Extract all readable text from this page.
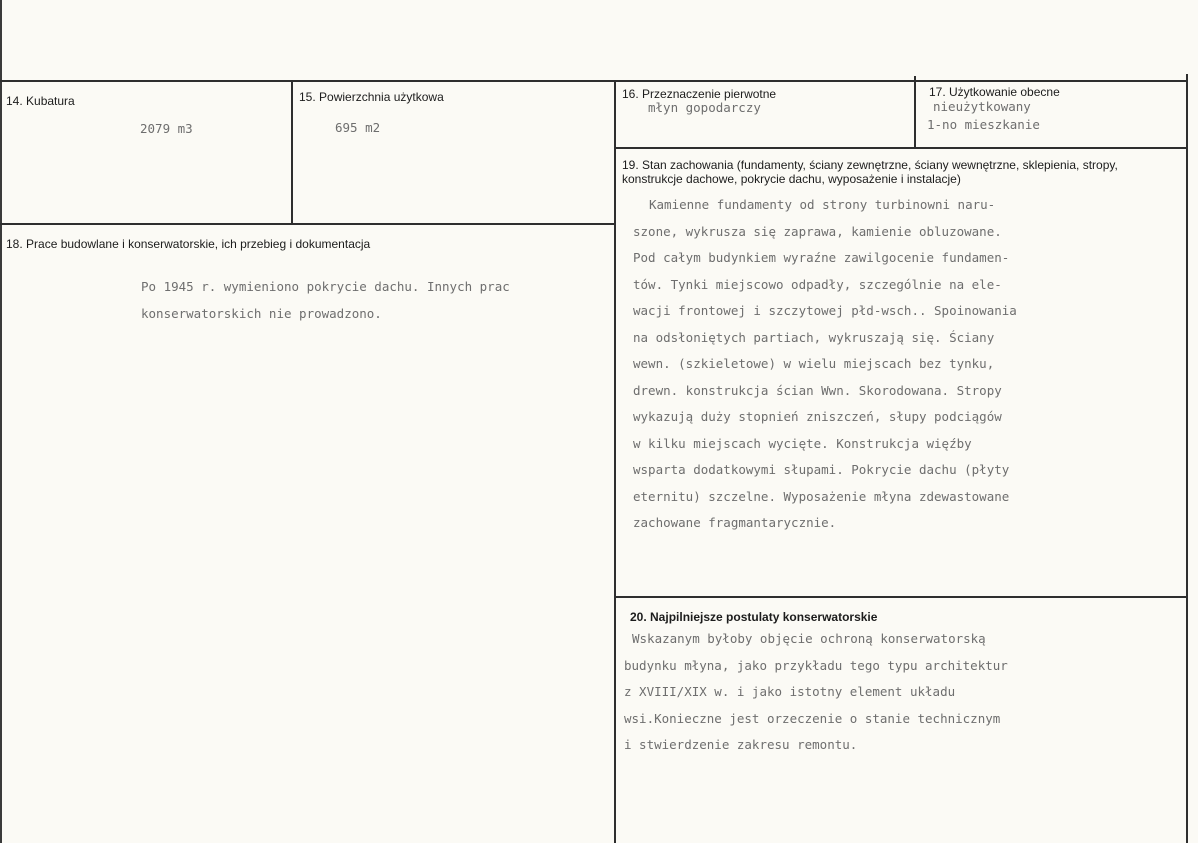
14. Kubatura
2079 m3
15. Powierzchnia użytkowa
695 m2
16. Przeznaczenie pierwotne
młyn gopodarczy
17. Użytkowanie obecne
nieużytkowany
1-no mieszkanie
18. Prace budowlane i konserwatorskie, ich przebieg i dokumentacja
Po 1945 r. wymieniono pokrycie dachu. Innych prac
konserwatorskich nie prowadzono.
19. Stan zachowania (fundamenty, ściany zewnętrzne, ściany wewnętrzne, sklepienia, stropy, konstrukcje dachowe, pokrycie dachu, wyposażenie i instalacje)
Kamienne fundamenty od strony turbinowni naru-
szone, wykrusza się zaprawa, kamienie obluzowane.
Pod całym budynkiem wyraźne zawilgocenie fundamen-
tów. Tynki miejscowo odpadły, szczególnie na ele-
wacji frontowej i szczytowej płd-wsch.. Spoinowania
na odsłoniętych partiach, wykruszają się. Ściany
wewn. (szkieletowe) w wielu miejscach bez tynku,
drewn. konstrukcja ścian Wwn. Skorodowana. Stropy
wykazują duży stopnień zniszczeń, słupy podciągów
w kilku miejscach wycięte. Konstrukcja więźby
wsparta dodatkowymi słupami. Pokrycie dachu (płyty
eternitu) szczelne. Wyposażenie młyna zdewastowane
zachowane fragmantarycznie.
20. Najpilniejsze postulaty konserwatorskie
Wskazanym byłoby objęcie ochroną konserwatorską
budynku młyna, jako przykładu tego typu architektur
z XVIII/XIX w. i jako istotny element układu
wsi.Konieczne jest orzeczenie o stanie technicznym
i stwierdzenie zakresu remontu.
